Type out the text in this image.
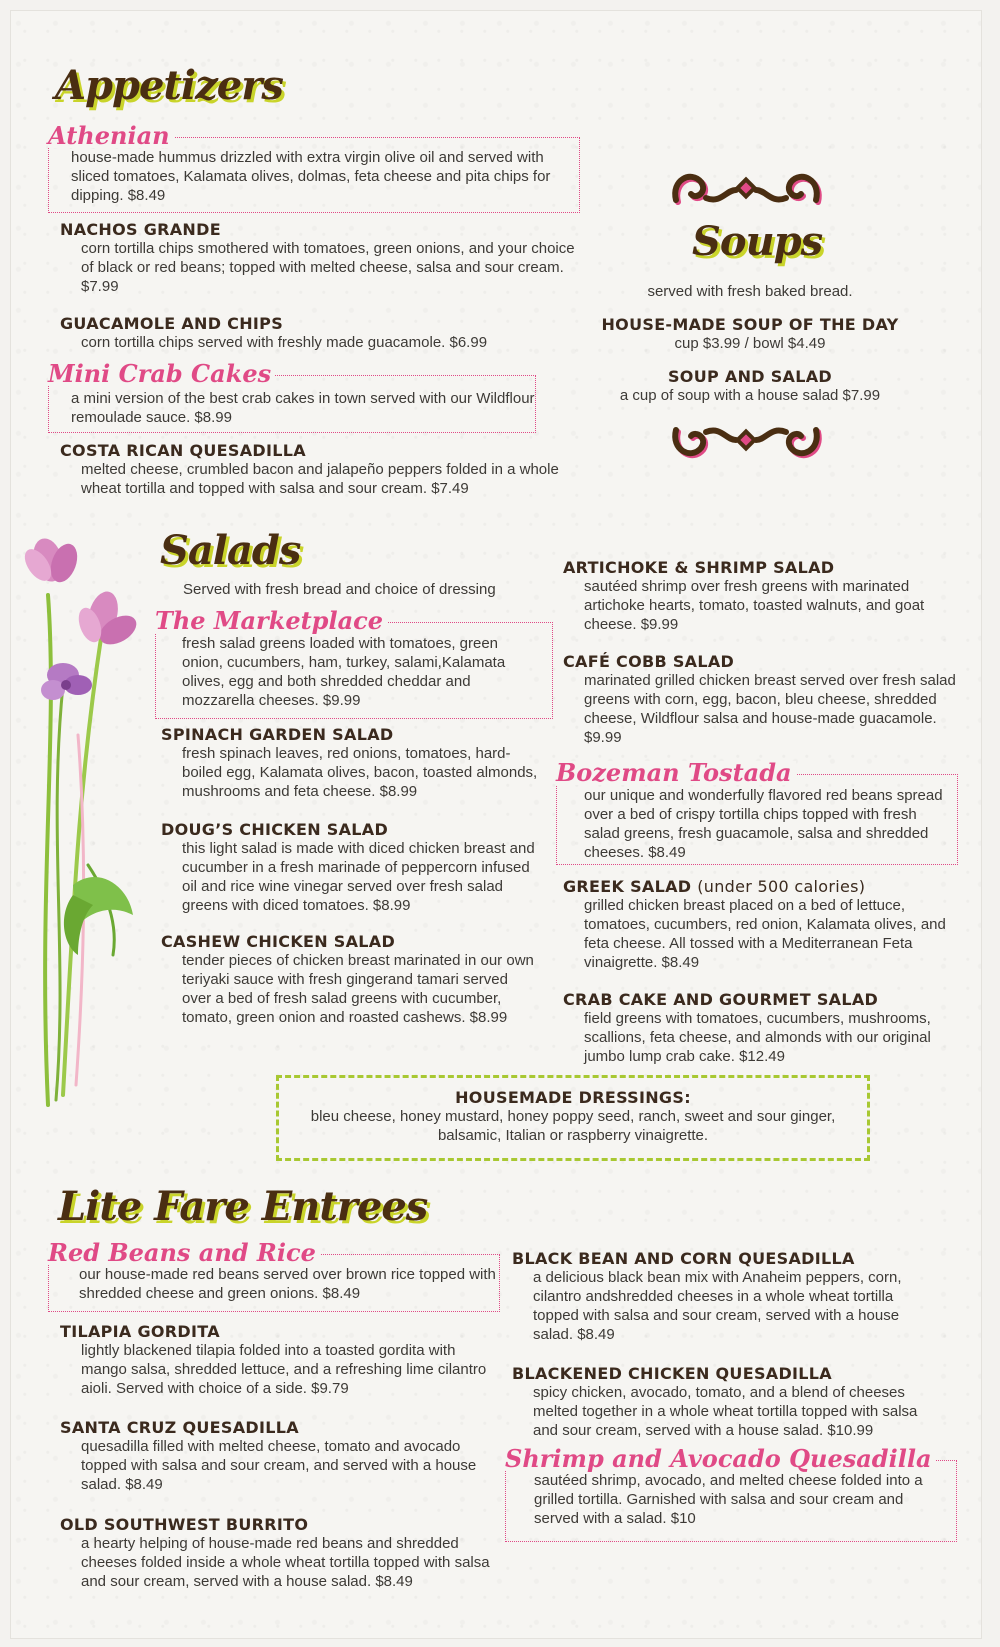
Appetizers
Athenian

house-made hummus drizzled with extra virgin olive oil and served with sliced tomatoes, Kalamata olives, dolmas, feta cheese and pita chips for dipping. $8.49

NACHOS GRANDE

corn tortilla chips smothered with tomatoes, green onions, and your choice of black or red beans; topped with melted cheese, salsa and sour cream. $7.99

GUACAMOLE AND CHIPS

corn tortilla chips served with freshly made guacamole. $6.99

Mini Crab Cakes

a mini version of the best crab cakes in town served with our Wildflour remoulade sauce. $8.99

COSTA RICAN QUESADILLA

melted cheese, crumbled bacon and jalapeño peppers folded in a whole wheat tortilla and topped with salsa and sour cream. $7.49

Soups

served with fresh baked bread.

HOUSE-MADE SOUP OF THE DAY

cup $3.99 / bowl $4.49

SOUP AND SALAD

a cup of soup with a house salad $7.99

Salads

Served with fresh bread and choice of dressing

The Marketplace

fresh salad greens loaded with tomatoes, green onion, cucumbers, ham, turkey, salami,Kalamata olives, egg and both shredded cheddar and mozzarella cheeses. $9.99

SPINACH GARDEN SALAD

fresh spinach leaves, red onions, tomatoes, hard-boiled egg, Kalamata olives, bacon, toasted almonds, mushrooms and feta cheese. $8.99

DOUG’S CHICKEN SALAD

this light salad is made with diced chicken breast and cucumber in a fresh marinade of peppercorn infused oil and rice wine vinegar served over fresh salad greens with diced tomatoes. $8.99

CASHEW CHICKEN SALAD

tender pieces of chicken breast marinated in our own teriyaki sauce with fresh gingerand tamari served over a bed of fresh salad greens with cucumber, tomato, green onion and roasted cashews. $8.99

ARTICHOKE & SHRIMP SALAD

sautéed shrimp over fresh greens with marinated artichoke hearts, tomato, toasted walnuts, and goat cheese. $9.99

CAFÉ COBB SALAD

marinated grilled chicken breast served over fresh salad greens with corn, egg, bacon, bleu cheese, shredded cheese, Wildflour salsa and house-made guacamole. $9.99

Bozeman Tostada

our unique and wonderfully flavored red beans spread over a bed of crispy tortilla chips topped with fresh salad greens, fresh guacamole, salsa and shredded cheeses. $8.49

GREEK SALAD (under 500 calories)

grilled chicken breast placed on a bed of lettuce, tomatoes, cucumbers, red onion, Kalamata olives, and feta cheese. All tossed with a Mediterranean Feta vinaigrette. $8.49

CRAB CAKE AND GOURMET SALAD

field greens with tomatoes, cucumbers, mushrooms, scallions, feta cheese, and almonds with our original jumbo lump crab cake. $12.49

HOUSEMADE DRESSINGS:

bleu cheese, honey mustard, honey poppy seed, ranch, sweet and sour ginger, balsamic, Italian or raspberry vinaigrette.

Lite Fare Entrees
Red Beans and Rice

our house-made red beans served over brown rice topped with shredded cheese and green onions. $8.49

TILAPIA GORDITA

lightly blackened tilapia folded into a toasted gordita with mango salsa, shredded lettuce, and a refreshing lime cilantro aioli. Served with choice of a side. $9.79

SANTA CRUZ QUESADILLA

quesadilla filled with melted cheese, tomato and avocado topped with salsa and sour cream, and served with a house salad. $8.49

OLD SOUTHWEST BURRITO

a hearty helping of house-made red beans and shredded cheeses folded inside a whole wheat tortilla topped with salsa and sour cream, served with a house salad. $8.49

BLACK BEAN AND CORN QUESADILLA

a delicious black bean mix with Anaheim peppers, corn, cilantro andshredded cheeses in a whole wheat tortilla topped with salsa and sour cream, served with a house salad. $8.49

BLACKENED CHICKEN QUESADILLA

spicy chicken, avocado, tomato, and a blend of cheeses melted together in a whole wheat tortilla topped with salsa and sour cream, served with a house salad. $10.99

Shrimp and Avocado Quesadilla

sautéed shrimp, avocado, and melted cheese folded into a grilled tortilla. Garnished with salsa and sour cream and served with a salad. $10
